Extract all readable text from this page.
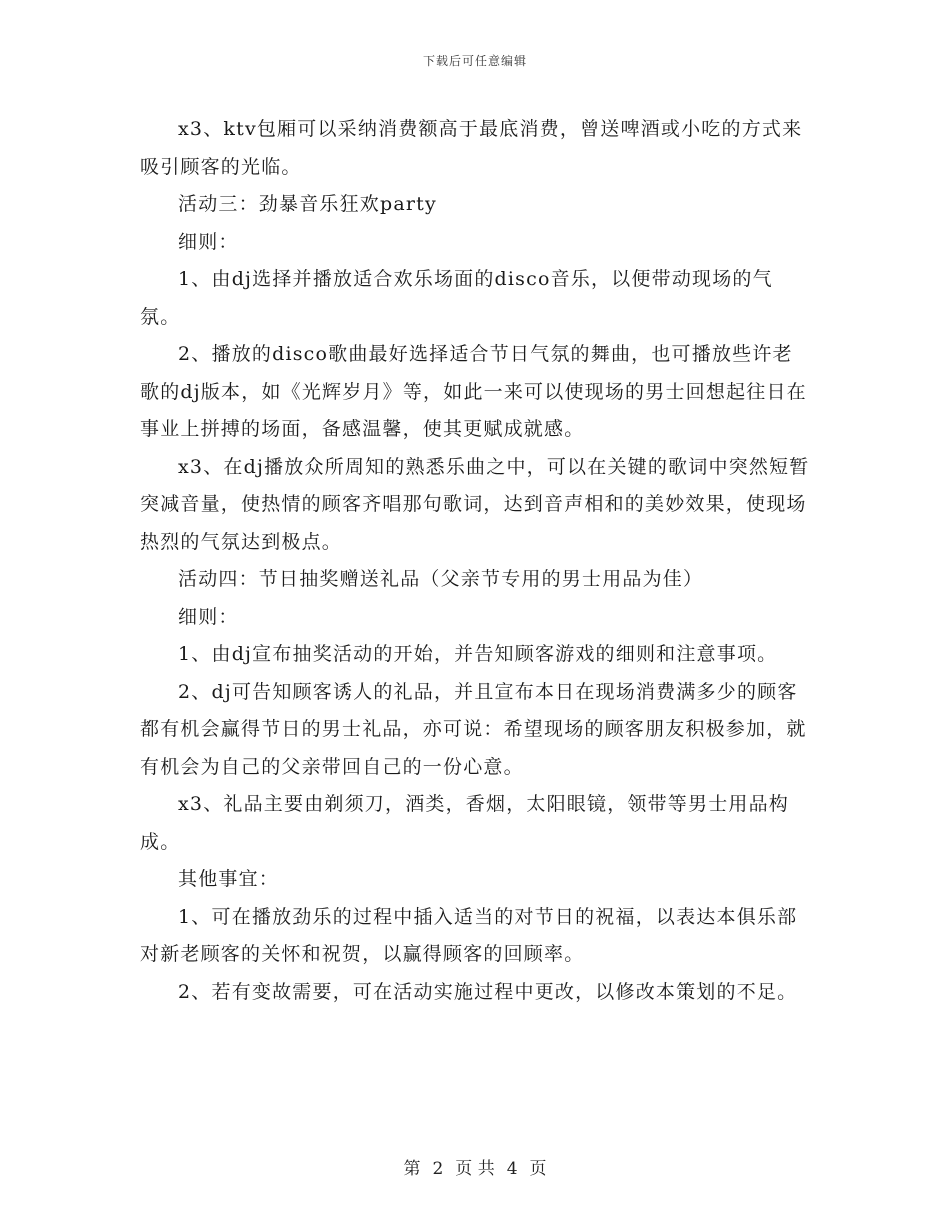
下载后可任意编辑

x3、ktv包厢可以采纳消费额高于最底消费，曾送啤酒或小吃的方式来吸引顾客的光临。

活动三：劲暴音乐狂欢party

细则：

1、由dj选择并播放适合欢乐场面的disco音乐，以便带动现场的气氛。

2、播放的disco歌曲最好选择适合节日气氛的舞曲，也可播放些许老歌的dj版本，如《光辉岁月》等，如此一来可以使现场的男士回想起往日在事业上拼搏的场面，备感温馨，使其更赋成就感。

x3、在dj播放众所周知的熟悉乐曲之中，可以在关键的歌词中突然短暂突减音量，使热情的顾客齐唱那句歌词，达到音声相和的美妙效果，使现场热烈的气氛达到极点。

活动四：节日抽奖赠送礼品（父亲节专用的男士用品为佳）

细则：

1、由dj宣布抽奖活动的开始，并告知顾客游戏的细则和注意事项。

2、dj可告知顾客诱人的礼品，并且宣布本日在现场消费满多少的顾客都有机会赢得节日的男士礼品，亦可说：希望现场的顾客朋友积极参加，就有机会为自己的父亲带回自己的一份心意。

x3、礼品主要由剃须刀，酒类，香烟，太阳眼镜，领带等男士用品构成。

其他事宜：

1、可在播放劲乐的过程中插入适当的对节日的祝福，以表达本俱乐部对新老顾客的关怀和祝贺，以赢得顾客的回顾率。

2、若有变故需要，可在活动实施过程中更改，以修改本策划的不足。

第 2 页 共 4 页
